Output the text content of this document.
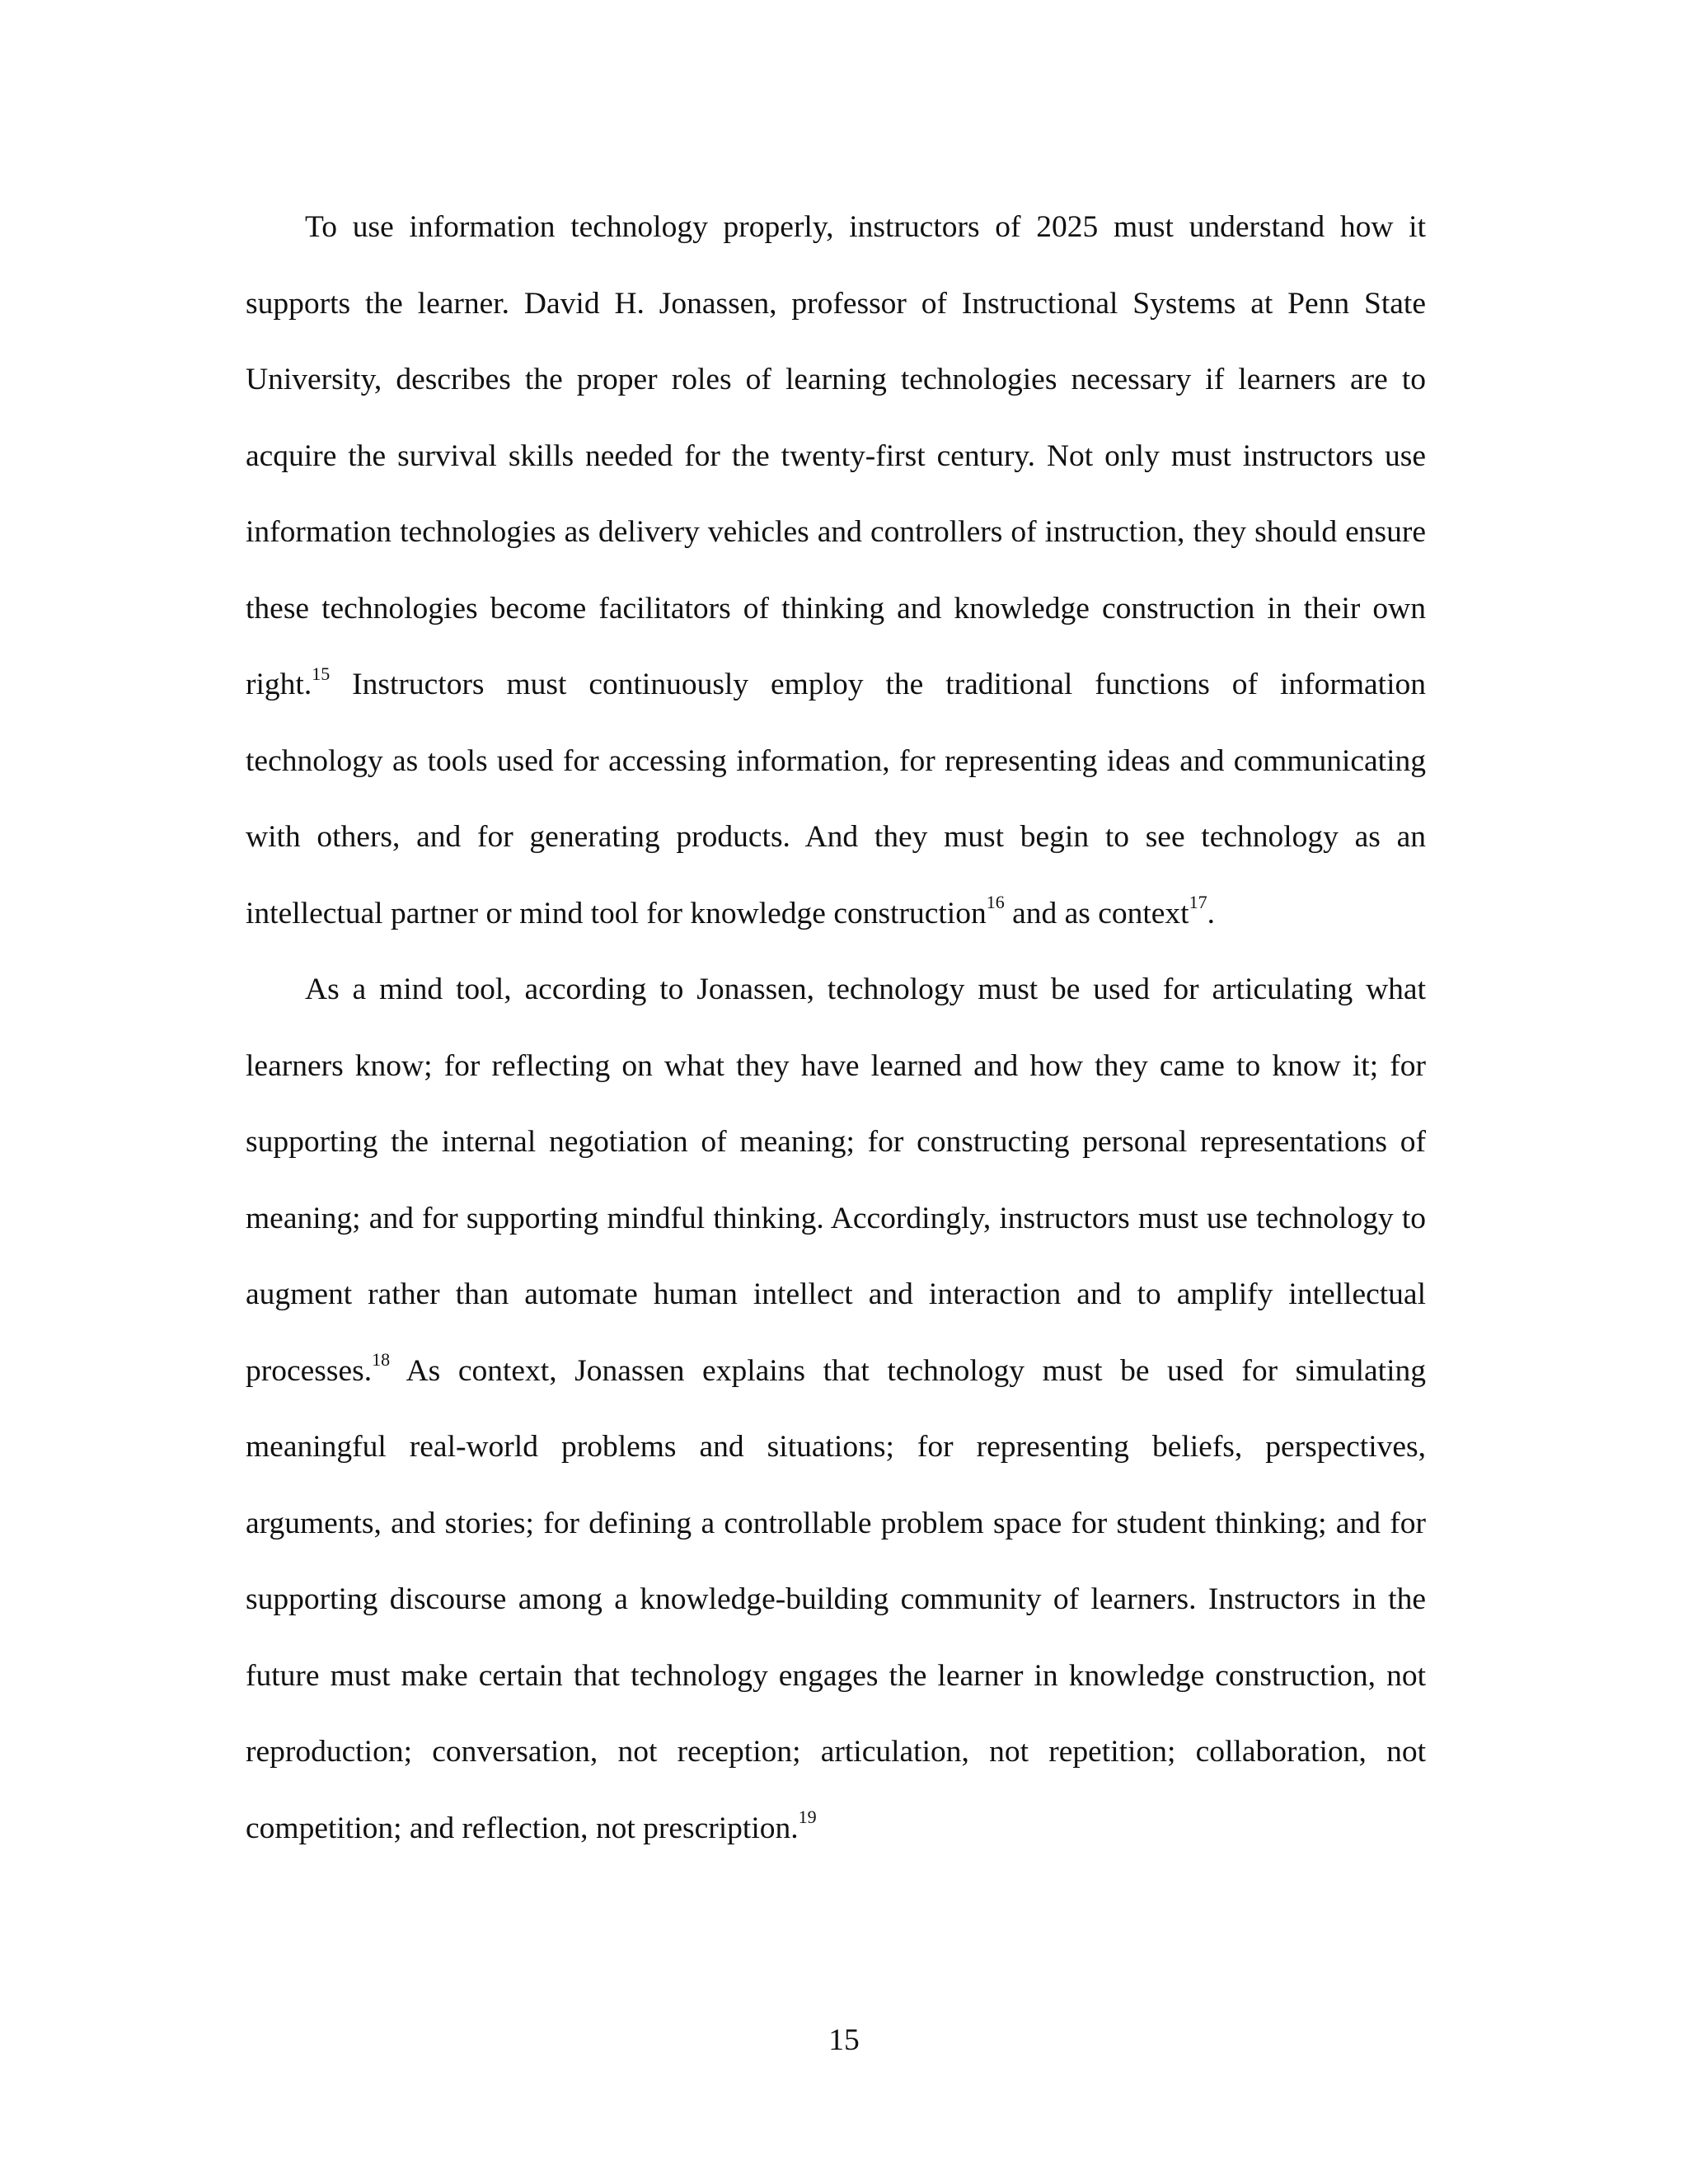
To use information technology properly, instructors of 2025 must understand how it supports the learner. David H. Jonassen, professor of Instructional Systems at Penn State University, describes the proper roles of learning technologies necessary if learners are to acquire the survival skills needed for the twenty-first century. Not only must instructors use information technologies as delivery vehicles and controllers of instruction, they should ensure these technologies become facilitators of thinking and knowledge construction in their own right.$^{15}$ Instructors must continuously employ the traditional functions of information technology as tools used for accessing information, for representing ideas and communicating with others, and for generating products. And they must begin to see technology as an intellectual partner or mind tool for knowledge construction$^{16}$ and as context$^{17}$.

As a mind tool, according to Jonassen, technology must be used for articulating what learners know; for reflecting on what they have learned and how they came to know it; for supporting the internal negotiation of meaning; for constructing personal representations of meaning; and for supporting mindful thinking. Accordingly, instructors must use technology to augment rather than automate human intellect and interaction and to amplify intellectual processes.$^{18}$ As context, Jonassen explains that technology must be used for simulating meaningful real-world problems and situations; for representing beliefs, perspectives, arguments, and stories; for defining a controllable problem space for student thinking; and for supporting discourse among a knowledge-building community of learners. Instructors in the future must make certain that technology engages the learner in knowledge construction, not reproduction; conversation, not reception; articulation, not repetition; collaboration, not competition; and reflection, not prescription.$^{19}$

15
